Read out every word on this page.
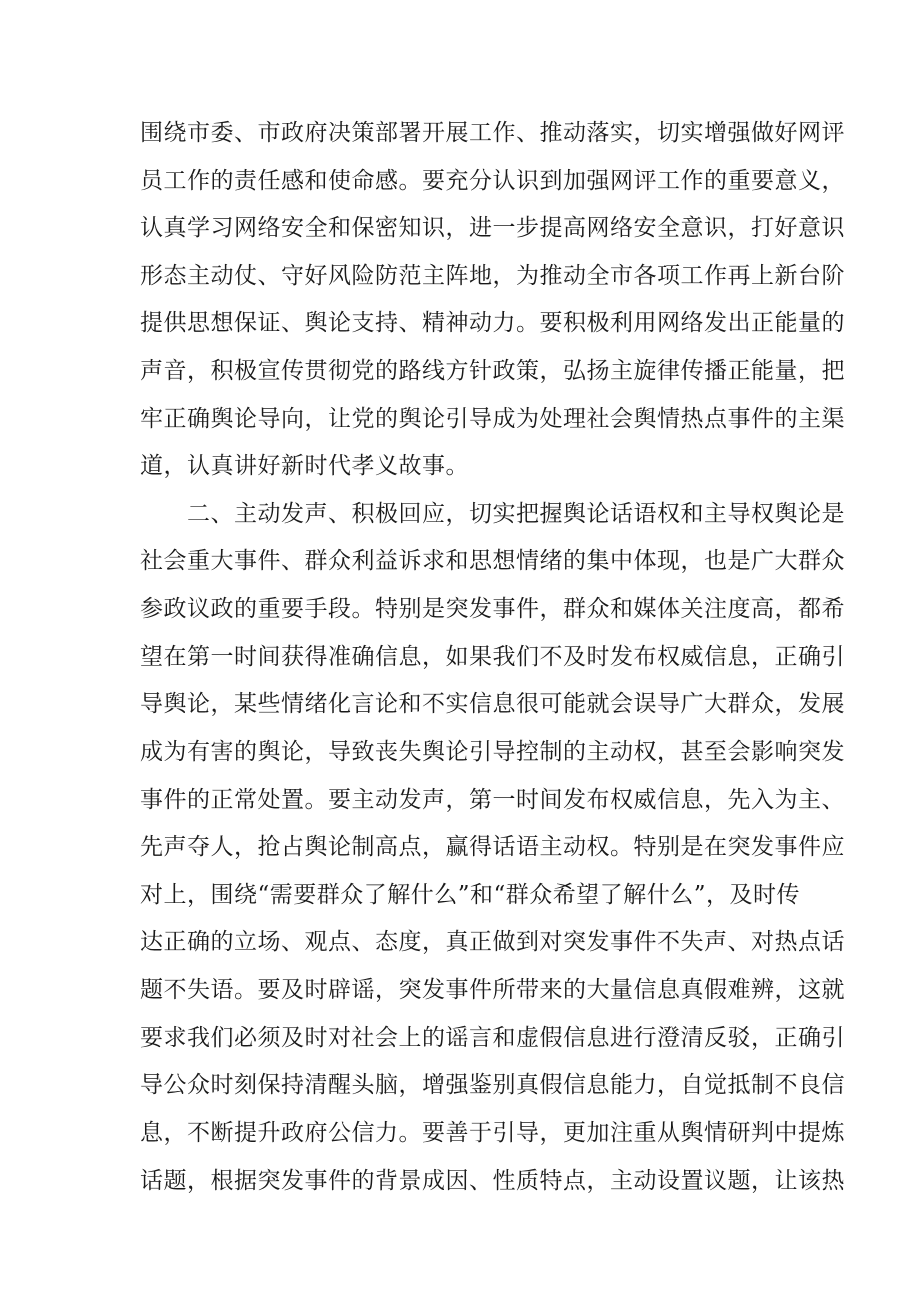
围绕市委、市政府决策部署开展工作、推动落实，切实增强做好网评

员工作的责任感和使命感。要充分认识到加强网评工作的重要意义，

认真学习网络安全和保密知识，进一步提高网络安全意识，打好意识

形态主动仗、守好风险防范主阵地，为推动全市各项工作再上新台阶

提供思想保证、舆论支持、精神动力。要积极利用网络发出正能量的

声音，积极宣传贯彻党的路线方针政策，弘扬主旋律传播正能量，把

牢正确舆论导向，让党的舆论引导成为处理社会舆情热点事件的主渠

道，认真讲好新时代孝义故事。

二、主动发声、积极回应，切实把握舆论话语权和主导权舆论是

社会重大事件、群众利益诉求和思想情绪的集中体现，也是广大群众

参政议政的重要手段。特别是突发事件，群众和媒体关注度高，都希

望在第一时间获得准确信息，如果我们不及时发布权威信息，正确引

导舆论，某些情绪化言论和不实信息很可能就会误导广大群众，发展

成为有害的舆论，导致丧失舆论引导控制的主动权，甚至会影响突发

事件的正常处置。要主动发声，第一时间发布权威信息，先入为主、

先声夺人，抢占舆论制高点，赢得话语主动权。特别是在突发事件应

对上，围绕“需要群众了解什么”和“群众希望了解什么”，及时传

达正确的立场、观点、态度，真正做到对突发事件不失声、对热点话

题不失语。要及时辟谣，突发事件所带来的大量信息真假难辨，这就

要求我们必须及时对社会上的谣言和虚假信息进行澄清反驳，正确引

导公众时刻保持清醒头脑，增强鉴别真假信息能力，自觉抵制不良信

息，不断提升政府公信力。要善于引导，更加注重从舆情研判中提炼

话题，根据突发事件的背景成因、性质特点，主动设置议题，让该热
